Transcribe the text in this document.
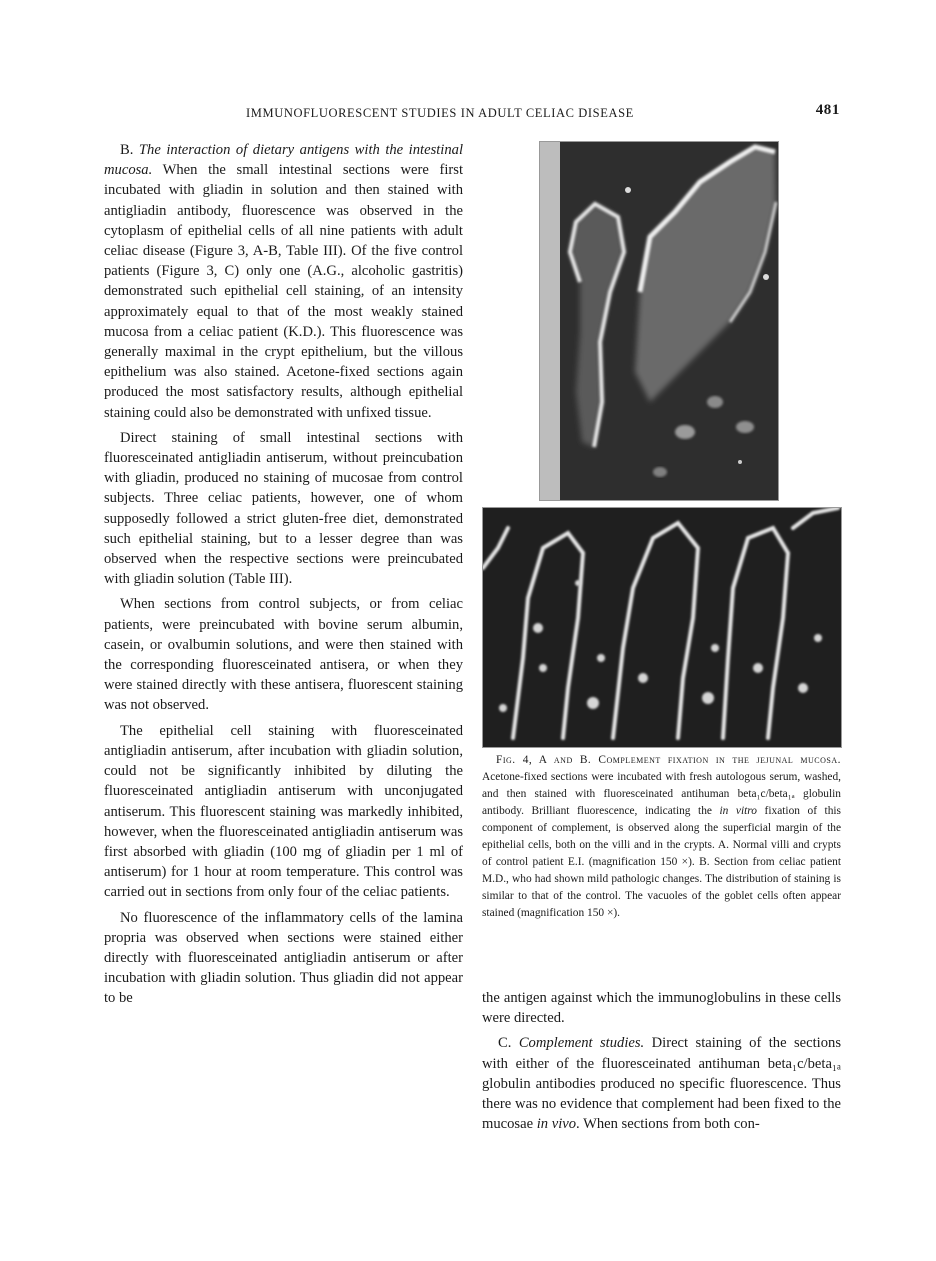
IMMUNOFLUORESCENT STUDIES IN ADULT CELIAC DISEASE	481

B. The interaction of dietary antigens with the intestinal mucosa. When the small intestinal sections were first incubated with gliadin in solution and then stained with antigliadin antibody, fluorescence was observed in the cytoplasm of epithelial cells of all nine patients with adult celiac disease (Figure 3, A-B, Table III). Of the five control patients (Figure 3, C) only one (A.G., alcoholic gastritis) demonstrated such epithelial cell staining, of an intensity approximately equal to that of the most weakly stained mucosa from a celiac patient (K.D.). This fluorescence was generally maximal in the crypt epithelium, but the villous epithelium was also stained. Acetone-fixed sections again produced the most satisfactory results, although epithelial staining could also be demonstrated with unfixed tissue.

Direct staining of small intestinal sections with fluoresceinated antigliadin antiserum, without preincubation with gliadin, produced no staining of mucosae from control subjects. Three celiac patients, however, one of whom supposedly followed a strict gluten-free diet, demonstrated such epithelial staining, but to a lesser degree than was observed when the respective sections were preincubated with gliadin solution (Table III).

When sections from control subjects, or from celiac patients, were preincubated with bovine serum albumin, casein, or ovalbumin solutions, and were then stained with the corresponding fluoresceinated antisera, or when they were stained directly with these antisera, fluorescent staining was not observed.

The epithelial cell staining with fluoresceinated antigliadin antiserum, after incubation with gliadin solution, could not be significantly inhibited by diluting the fluoresceinated antigliadin antiserum with unconjugated antiserum. This fluorescent staining was markedly inhibited, however, when the fluoresceinated antigliadin antiserum was first absorbed with gliadin (100 mg of gliadin per 1 ml of antiserum) for 1 hour at room temperature. This control was carried out in sections from only four of the celiac patients.

No fluorescence of the inflammatory cells of the lamina propria was observed when sections were stained either directly with fluoresceinated antigliadin antiserum or after incubation with gliadin solution. Thus gliadin did not appear to be

Fig. 4, A and B. Complement fixation in the jejunal mucosa. Acetone-fixed sections were incubated with fresh autologous serum, washed, and then stained with fluoresceinated antihuman beta₁c/beta₁ₐ globulin antibody. Brilliant fluorescence, indicating the in vitro fixation of this component of complement, is observed along the superficial margin of the epithelial cells, both on the villi and in the crypts. A. Normal villi and crypts of control patient E.I. (magnification 150 ×). B. Section from celiac patient M.D., who had shown mild pathologic changes. The distribution of staining is similar to that of the control. The vacuoles of the goblet cells often appear stained (magnification 150 ×).

the antigen against which the immunoglobulins in these cells were directed.

C. Complement studies. Direct staining of the sections with either of the fluoresceinated antihuman beta₁c/beta₁ₐ globulin antibodies produced no specific fluorescence. Thus there was no evidence that complement had been fixed to the mucosae in vivo. When sections from both con-
